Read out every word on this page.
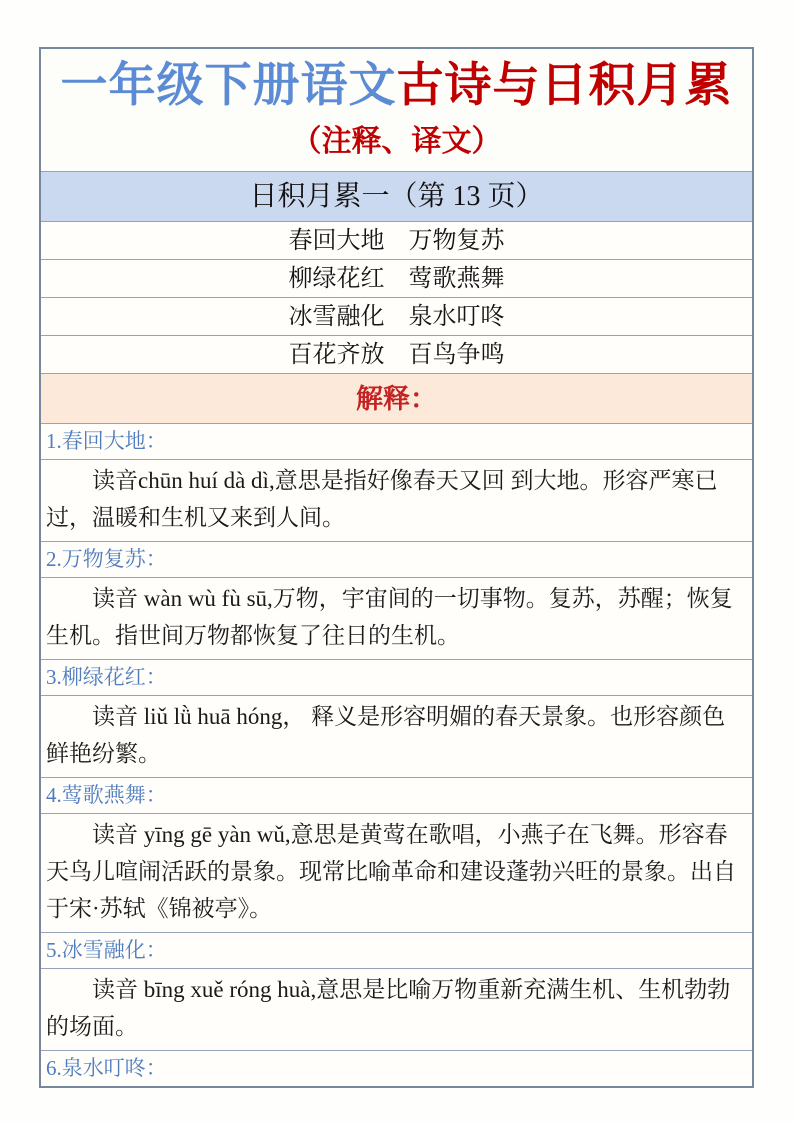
一年级下册语文古诗与日积月累
（注释、译文）
日积月累一（第 13 页）
春回大地　万物复苏
柳绿花红　莺歌燕舞
冰雪融化　泉水叮咚
百花齐放　百鸟争鸣
解释：
1.春回大地：
读音chūn huí dà dì,意思是指好像春天又回 到大地。形容严寒已过，温暖和生机又来到人间。
2.万物复苏：
读音 wàn wù fù sū,万物，宇宙间的一切事物。复苏，苏醒；恢复生机。指世间万物都恢复了往日的生机。
3.柳绿花红：
读音 liǔ lǜ huā hóng， 释义是形容明媚的春天景象。也形容颜色鲜艳纷繁。
4.莺歌燕舞：
读音 yīng gē yàn wǔ,意思是黄莺在歌唱，小燕子在飞舞。形容春天鸟儿喧闹活跃的景象。现常比喻革命和建设蓬勃兴旺的景象。出自于宋·苏轼《锦被亭》。
5.冰雪融化：
读音 bīng xuě róng huà,意思是比喻万物重新充满生机、生机勃勃的场面。
6.泉水叮咚：
